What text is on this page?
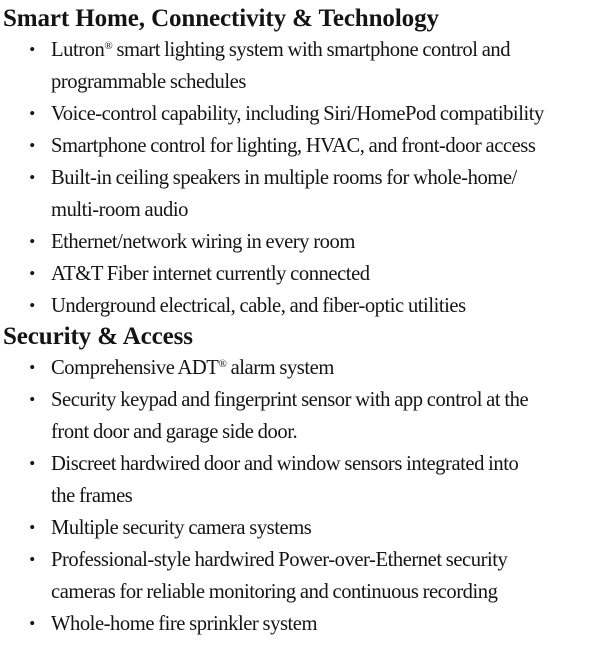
Smart Home, Connectivity & Technology
• Lutron® smart lighting system with smartphone control and
programmable schedules
• Voice-control capability, including Siri/HomePod compatibility
• Smartphone control for lighting, HVAC, and front-door access
• Built-in ceiling speakers in multiple rooms for whole-home/
multi-room audio
• Ethernet/network wiring in every room
• AT&T Fiber internet currently connected
• Underground electrical, cable, and fiber-optic utilities
Security & Access
• Comprehensive ADT® alarm system
• Security keypad and fingerprint sensor with app control at the
front door and garage side door.
• Discreet hardwired door and window sensors integrated into
the frames
• Multiple security camera systems
• Professional-style hardwired Power-over-Ethernet security
cameras for reliable monitoring and continuous recording
• Whole-home fire sprinkler system
